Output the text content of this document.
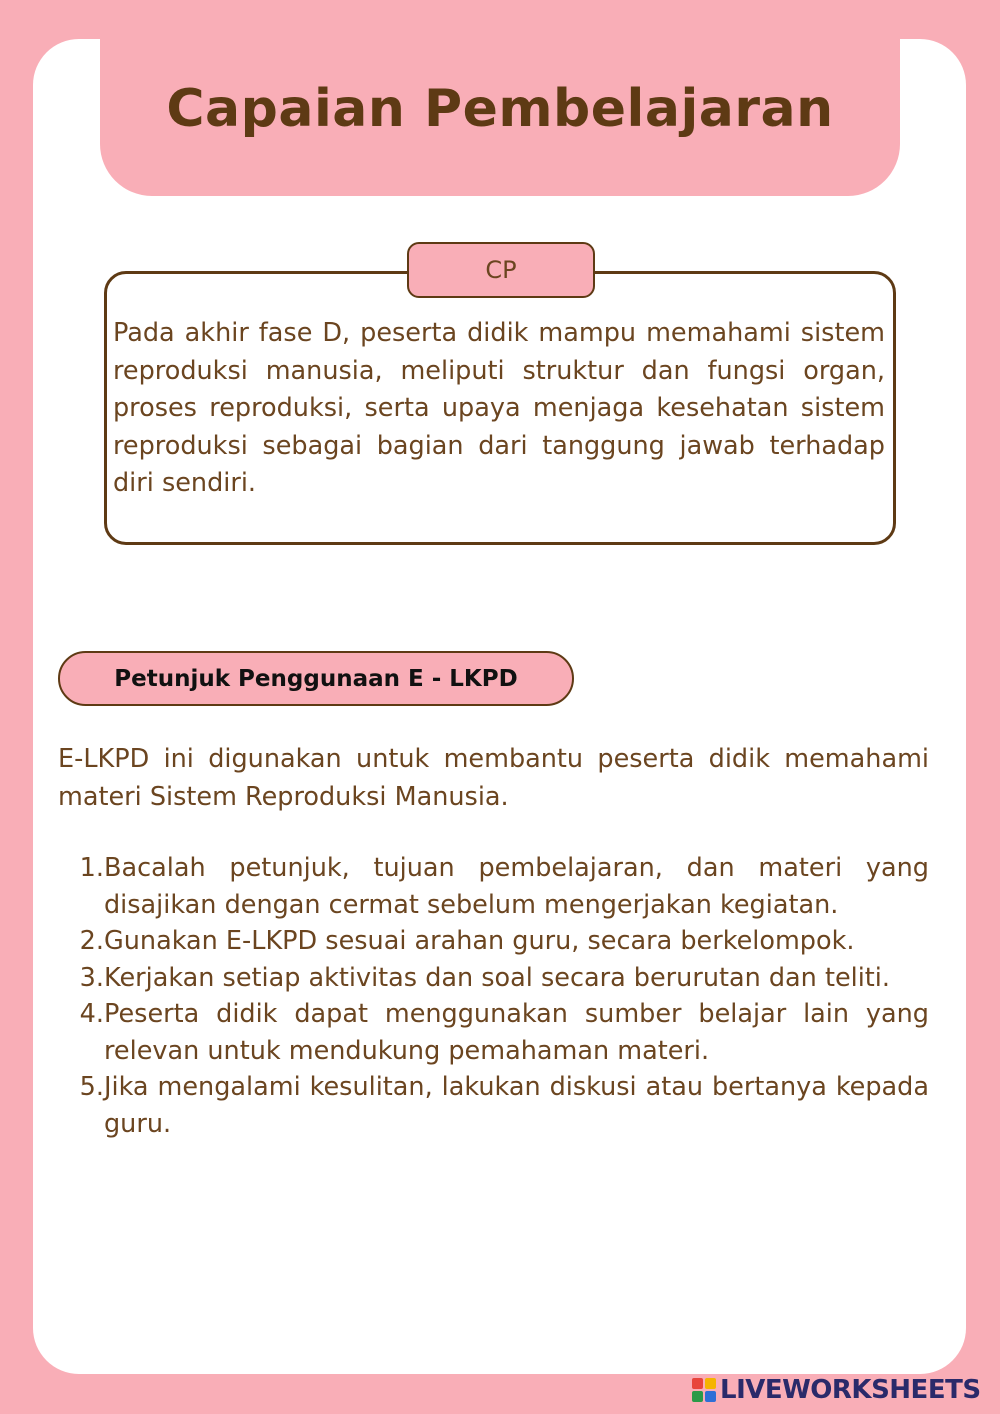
Capaian Pembelajaran
CP

Pada akhir fase D, peserta didik mampu memahami sistem reproduksi manusia, meliputi struktur dan fungsi organ, proses reproduksi, serta upaya menjaga kesehatan sistem reproduksi sebagai bagian dari tanggung jawab terhadap diri sendiri.

Petunjuk Penggunaan E - LKPD

E-LKPD ini digunakan untuk membantu peserta didik memahami materi Sistem Reproduksi Manusia.

1. Bacalah petunjuk, tujuan pembelajaran, dan materi yang disajikan dengan cermat sebelum mengerjakan kegiatan.
2. Gunakan E-LKPD sesuai arahan guru, secara berkelompok.
3. Kerjakan setiap aktivitas dan soal secara berurutan dan teliti.
4. Peserta didik dapat menggunakan sumber belajar lain yang relevan untuk mendukung pemahaman materi.
5. Jika mengalami kesulitan, lakukan diskusi atau bertanya kepada guru.
LIVEWORKSHEETS
